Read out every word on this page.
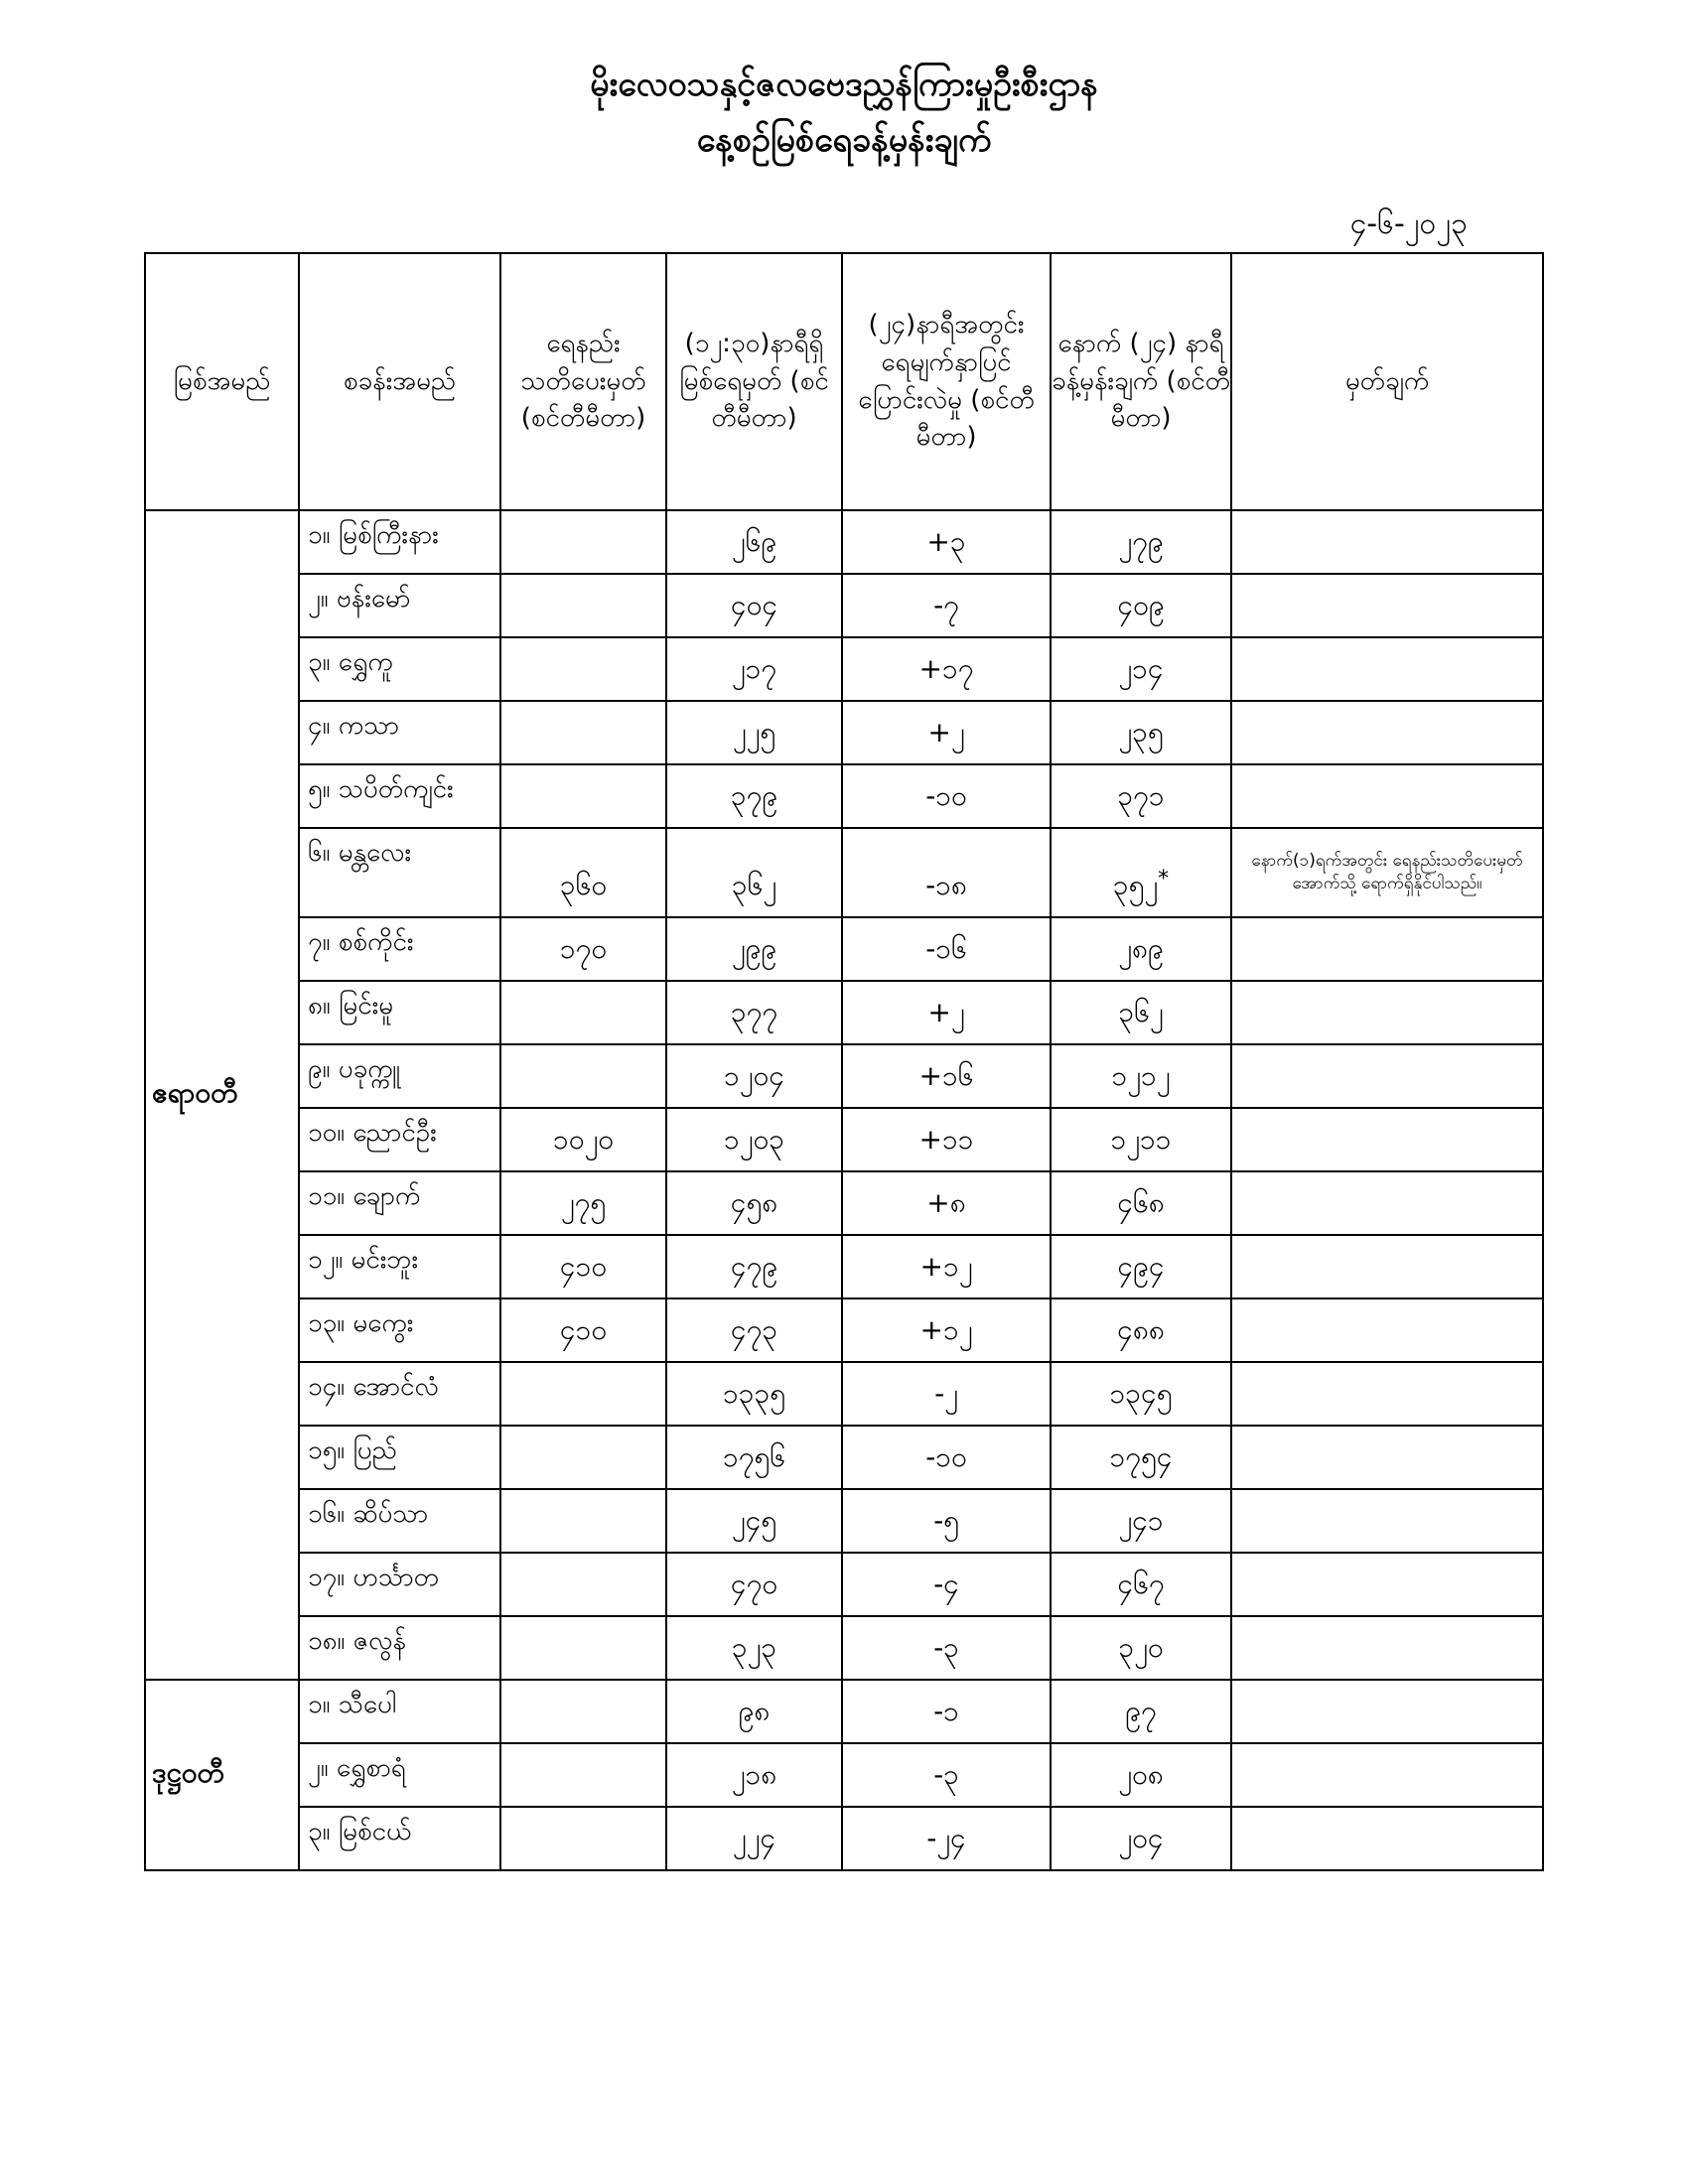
မိုးလေဝသနှင့်ဇလဗေဒညွှန်ကြားမှုဦးစီးဌာန
နေ့စဉ်မြစ်ရေခန့်မှန်းချက်
၄-၆-၂၀၂၃
မြစ်အမည်	စခန်းအမည်	ရေနည်း သတိပေးမှတ် (စင်တီမီတာ)	(၁၂:၃၀)နာရီရှိ မြစ်ရေမှတ် (စင်တီမီတာ)	(၂၄)နာရီအတွင်း ရေမျက်နှာပြင် ပြောင်းလဲမှု (စင်တီမီတာ)	နောက် (၂၄) နာရီ ခန့်မှန်းချက် (စင်တီမီတာ)	မှတ်ချက်
ဧရာဝတီ	၁။ မြစ်ကြီးနား		၂၆၉	+၃	၂၇၉	
	၂။ ဗန်းမော်		၄၀၄	-၇	၄၀၉	
	၃။ ရွှေကူ		၂၁၇	+၁၇	၂၁၄	
	၄။ ကသာ		၂၂၅	+၂	၂၃၅	
	၅။ သပိတ်ကျင်း		၃၇၉	-၁၀	၃၇၁	
	၆။ မန္တလေး	၃၆၀	၃၆၂	-၁၈	၃၅၂*	နောက်(၁)ရက်အတွင်း ရေနည်းသတိပေးမှတ်အောက်သို့ ရောက်ရှိနိုင်ပါသည်။
	၇။ စစ်ကိုင်း	၁၇၀	၂၉၉	-၁၆	၂၈၉	
	၈။ မြင်းမူ		၃၇၇	+၂	၃၆၂	
	၉။ ပခုက္ကူ		၁၂၀၄	+၁၆	၁၂၁၂	
	၁၀။ ညောင်ဦး	၁၀၂၀	၁၂၀၃	+၁၁	၁၂၁၁	
	၁၁။ ချောက်	၂၇၅	၄၅၈	+၈	၄၆၈	
	၁၂။ မင်းဘူး	၄၁၀	၄၇၉	+၁၂	၄၉၄	
	၁၃။ မကွေး	၄၁၀	၄၇၃	+၁၂	၄၈၈	
	၁၄။ အောင်လံ		၁၃၃၅	-၂	၁၃၄၅	
	၁၅။ ပြည်		၁၇၅၆	-၁၀	၁၇၅၄	
	၁၆။ ဆိပ်သာ		၂၄၅	-၅	၂၄၁	
	၁၇။ ဟင်္သာတ		၄၇၀	-၄	၄၆၇	
	၁၈။ ဇလွန်		၃၂၃	-၃	၃၂၀	
ဒုဋ္ဌဝတီ	၁။ သီပေါ		၉၈	-၁	၉၇	
	၂။ ရွှေစာရံ		၂၁၈	-၃	၂၀၈	
	၃။ မြစ်ငယ်		၂၂၄	-၂၄	၂၀၄	
